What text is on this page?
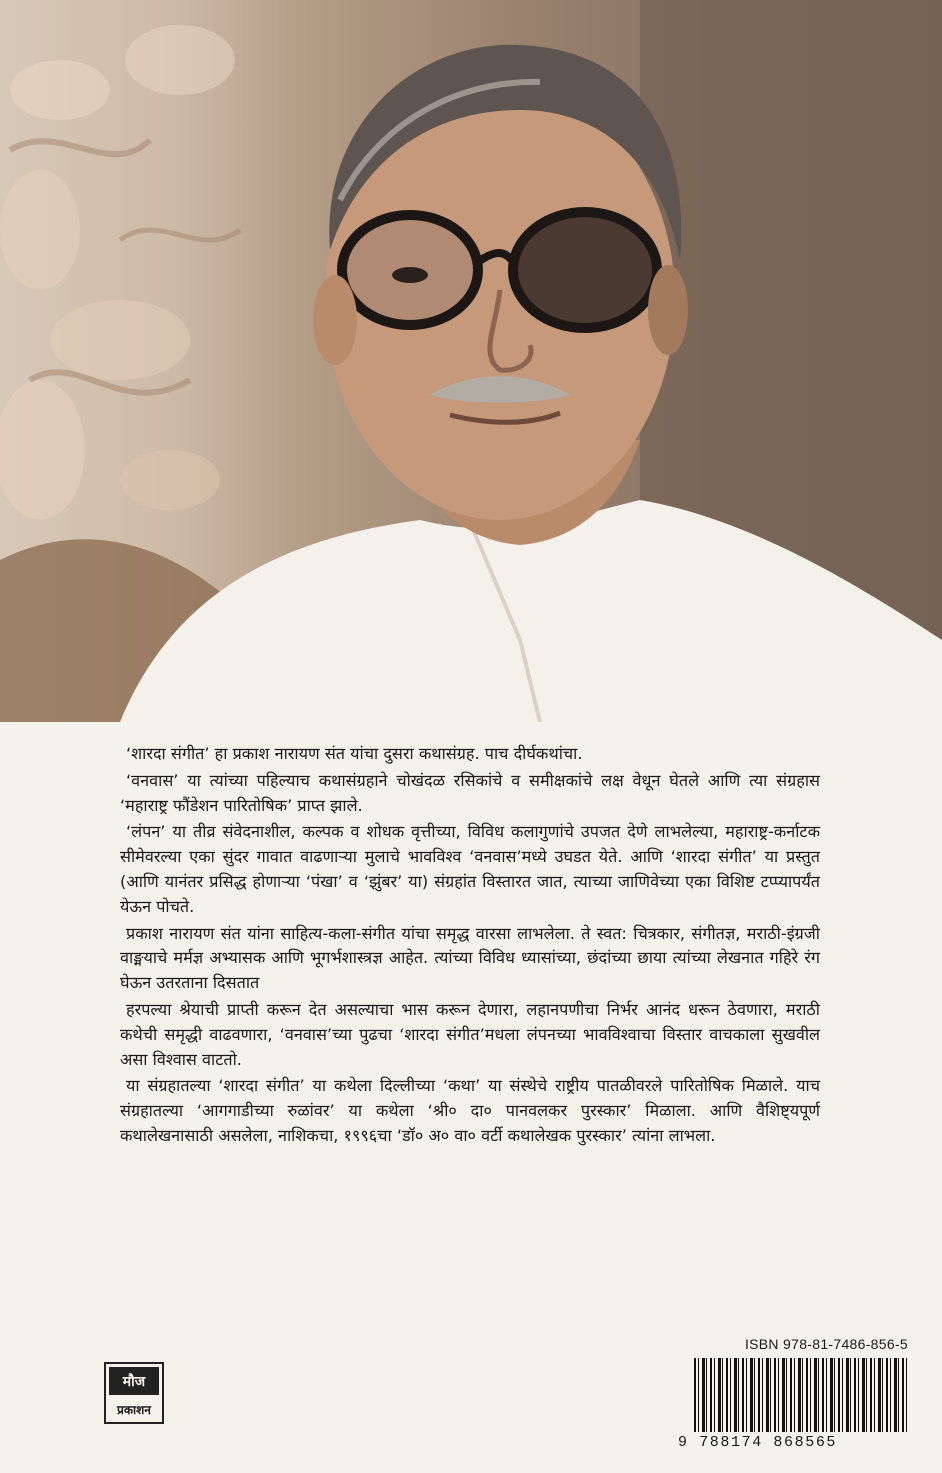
‘शारदा संगीत’ हा प्रकाश नारायण संत यांचा दुसरा कथासंग्रह. पाच दीर्घकथांचा.

‘वनवास’ या त्यांच्या पहिल्याच कथासंग्रहाने चोखंदळ रसिकांचे व समीक्षकांचे लक्ष वेधून घेतले आणि त्या संग्रहास ‘महाराष्ट्र फौंडेशन पारितोषिक’ प्राप्त झाले.

‘लंपन’ या तीव्र संवेदनाशील, कल्पक व शोधक वृत्तीच्या, विविध कलागुणांचे उपजत देणे लाभलेल्या, महाराष्ट्र-कर्नाटक सीमेवरल्या एका सुंदर गावात वाढणाऱ्या मुलाचे भावविश्व ‘वनवास’मध्ये उघडत येते. आणि ‘शारदा संगीत’ या प्रस्तुत (आणि यानंतर प्रसिद्ध होणाऱ्या ‘पंखा’ व ‘झुंबर’ या) संग्रहांत विस्तारत जात, त्याच्या जाणिवेच्या एका विशिष्ट टप्प्यापर्यंत येऊन पोचते.

प्रकाश नारायण संत यांना साहित्य-कला-संगीत यांचा समृद्ध वारसा लाभलेला. ते स्वत: चित्रकार, संगीतज्ञ, मराठी-इंग्रजी वाङ्मयाचे मर्मज्ञ अभ्यासक आणि भूगर्भशास्त्रज्ञ आहेत. त्यांच्या विविध ध्यासांच्या, छंदांच्या छाया त्यांच्या लेखनात गहिरे रंग घेऊन उतरताना दिसतात

हरपल्या श्रेयाची प्राप्ती करून देत असल्याचा भास करून देणारा, लहानपणीचा निर्भर आनंद धरून ठेवणारा, मराठी कथेची समृद्धी वाढवणारा, ‘वनवास’च्या पुढचा ‘शारदा संगीत’मधला लंपनच्या भावविश्वाचा विस्तार वाचकाला सुखवील असा विश्वास वाटतो.

या संग्रहातल्या ‘शारदा संगीत’ या कथेला दिल्लीच्या ‘कथा’ या संस्थेचे राष्ट्रीय पातळीवरले पारितोषिक मिळाले. याच संग्रहातल्या ‘आगगाडीच्या रुळांवर’ या कथेला ‘श्री० दा० पानवलकर पुरस्कार’ मिळाला. आणि वैशिष्ट्यपूर्ण कथालेखनासाठी असलेला, नाशिकचा, १९९६चा ‘डॉ० अ० वा० वर्टी कथालेखक पुरस्कार’ त्यांना लाभला.

मौज
प्रकाशन
ISBN 978-81-7486-856-5
9 788174 868565
